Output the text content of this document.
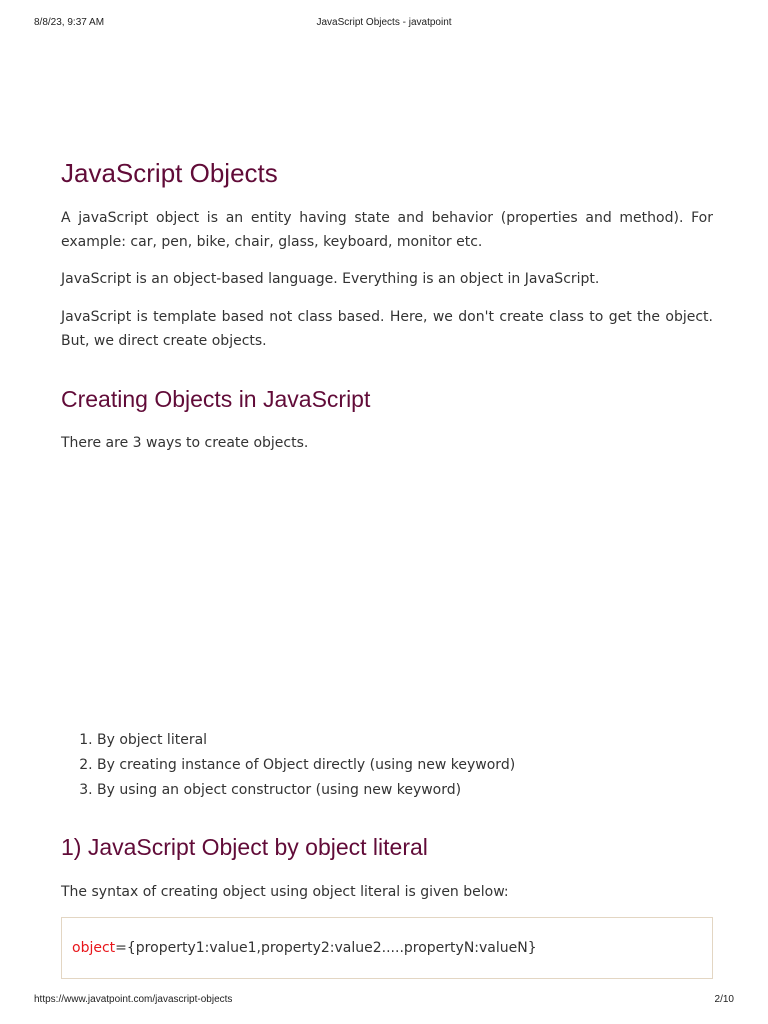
8/8/23, 9:37 AM	JavaScript Objects - javatpoint
JavaScript Objects

A javaScript object is an entity having state and behavior (properties and method). For example: car, pen, bike, chair, glass, keyboard, monitor etc.

JavaScript is an object-based language. Everything is an object in JavaScript.

JavaScript is template based not class based. Here, we don't create class to get the object. But, we direct create objects.

Creating Objects in JavaScript

There are 3 ways to create objects.

1. By object literal
2. By creating instance of Object directly (using new keyword)
3. By using an object constructor (using new keyword)
1) JavaScript Object by object literal

The syntax of creating object using object literal is given below:

object={property1:value1,property2:value2.....propertyN:valueN}
https://www.javatpoint.com/javascript-objects	2/10
